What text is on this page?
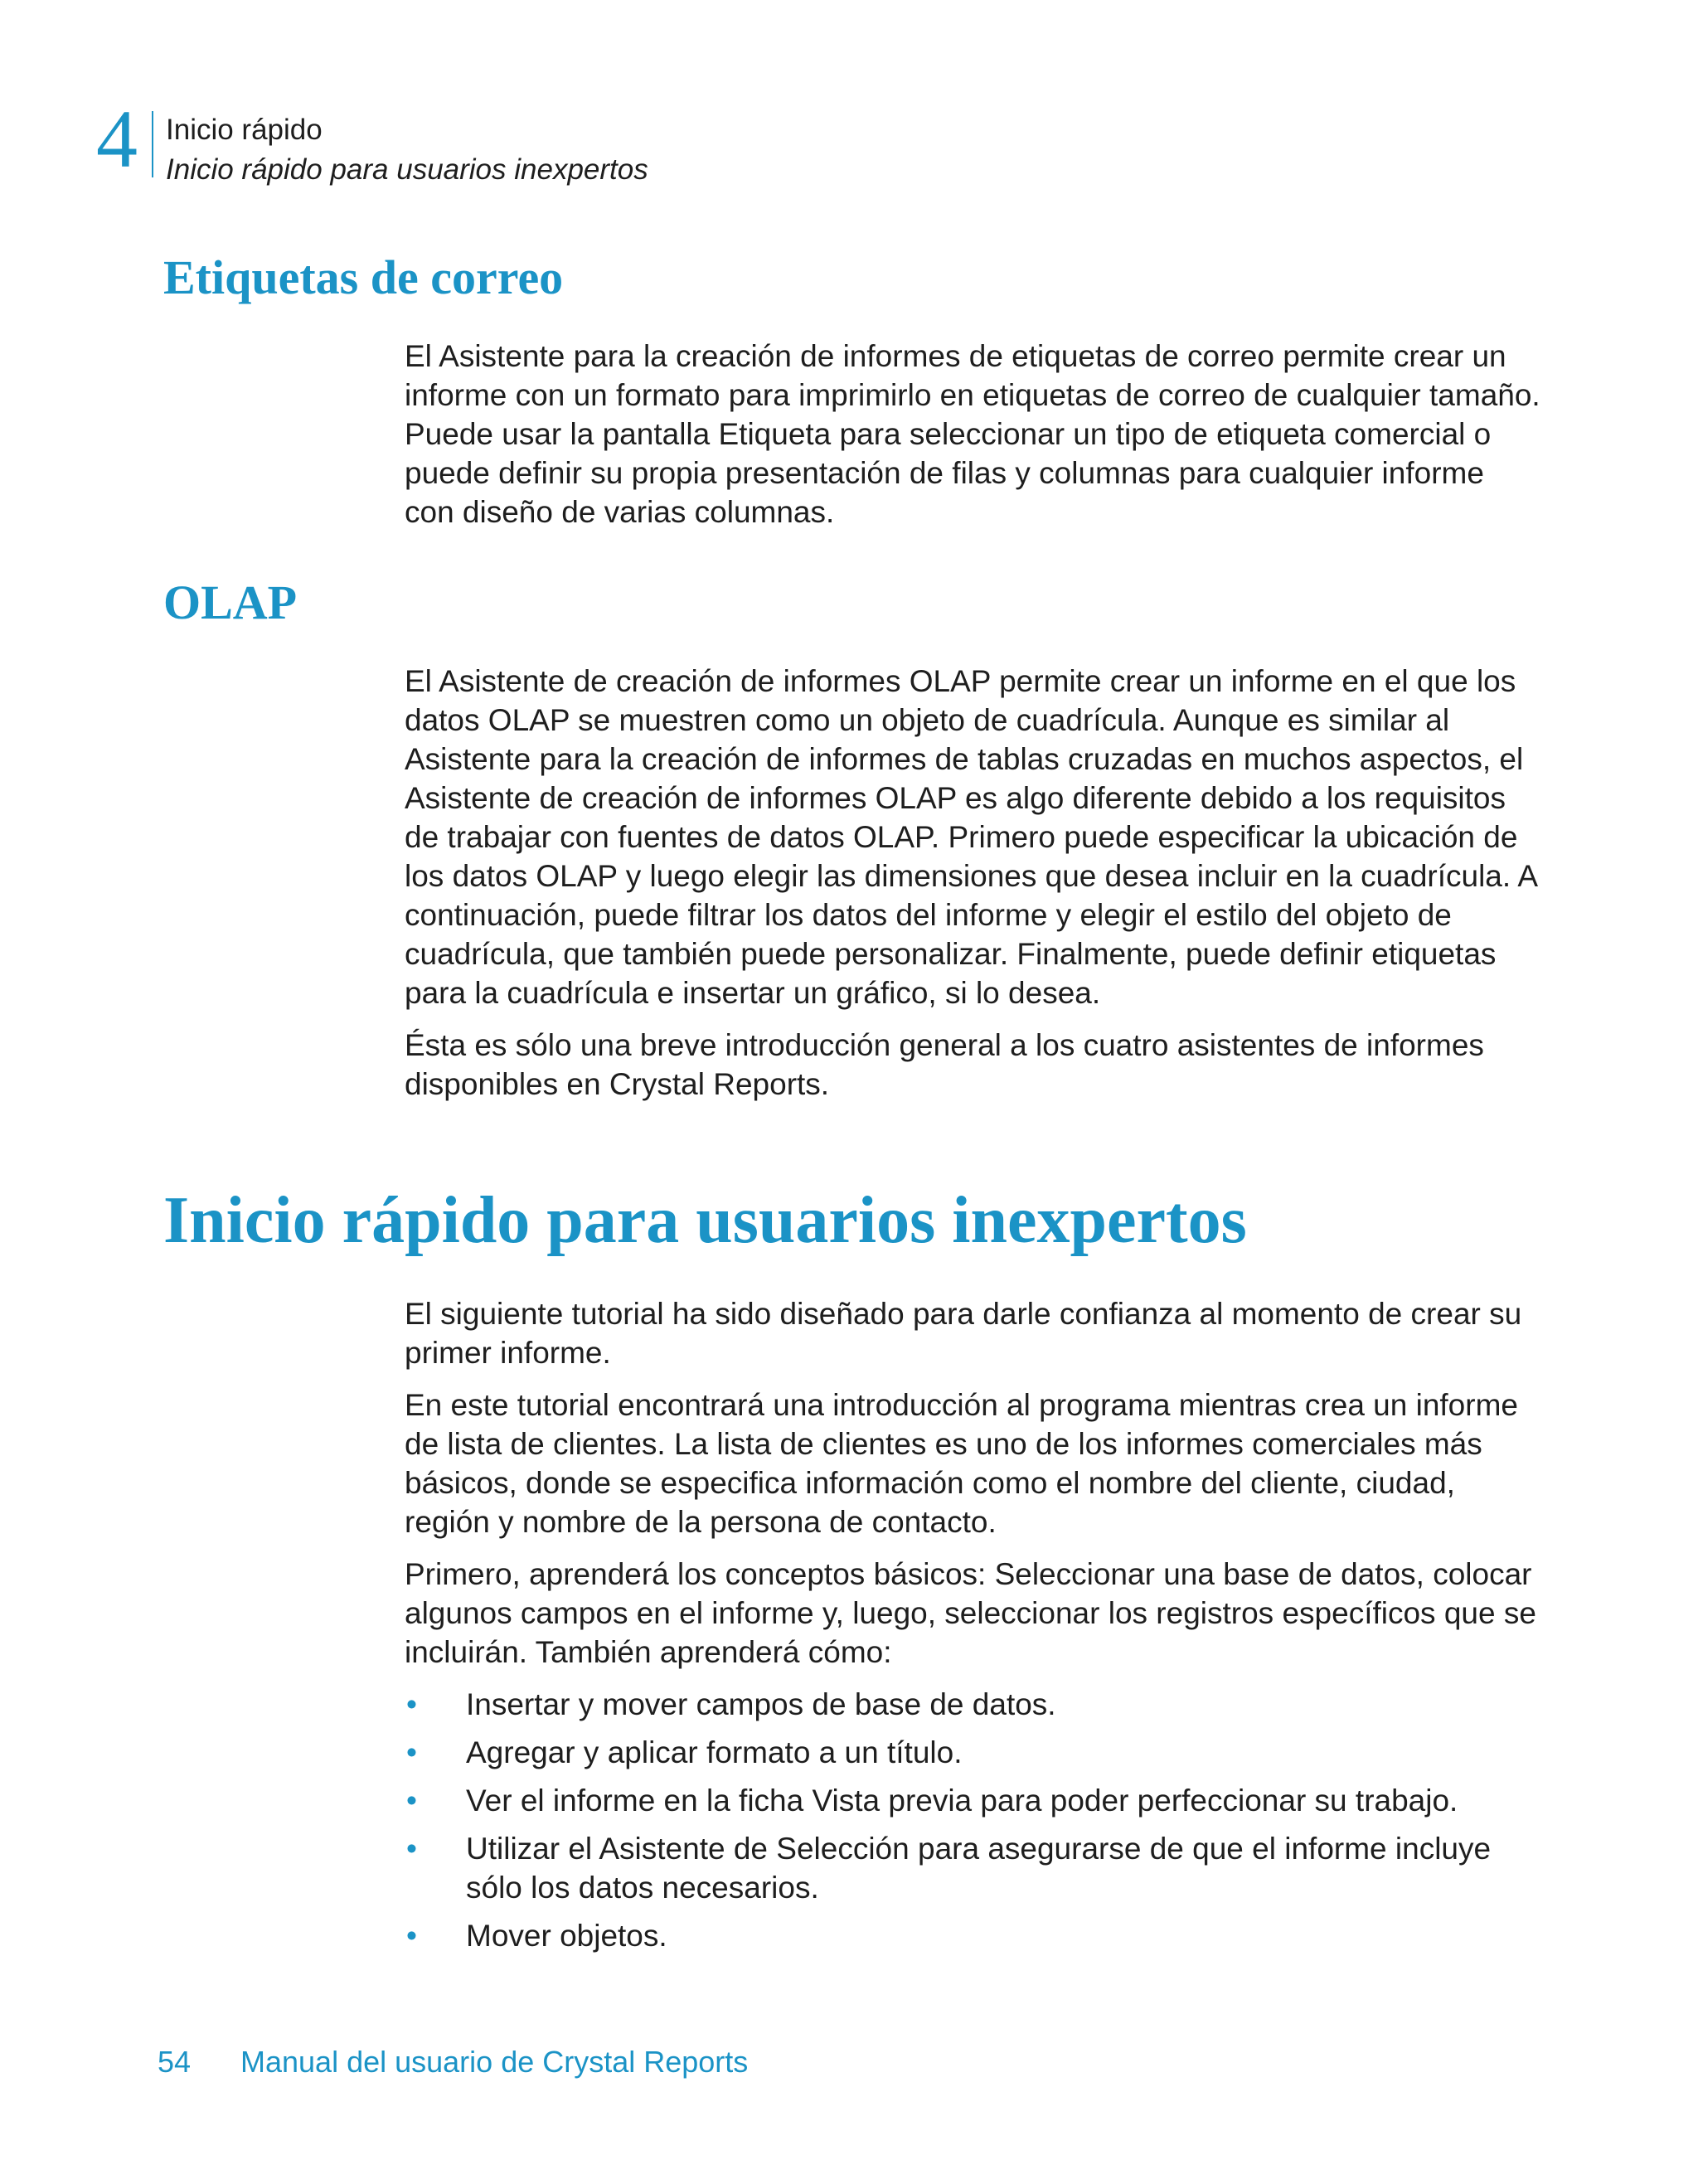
4 Inicio rápido
Inicio rápido para usuarios inexpertos
Etiquetas de correo

El Asistente para la creación de informes de etiquetas de correo permite crear un informe con un formato para imprimirlo en etiquetas de correo de cualquier tamaño. Puede usar la pantalla Etiqueta para seleccionar un tipo de etiqueta comercial o puede definir su propia presentación de filas y columnas para cualquier informe con diseño de varias columnas.

OLAP

El Asistente de creación de informes OLAP permite crear un informe en el que los datos OLAP se muestren como un objeto de cuadrícula. Aunque es similar al Asistente para la creación de informes de tablas cruzadas en muchos aspectos, el Asistente de creación de informes OLAP es algo diferente debido a los requisitos de trabajar con fuentes de datos OLAP. Primero puede especificar la ubicación de los datos OLAP y luego elegir las dimensiones que desea incluir en la cuadrícula. A continuación, puede filtrar los datos del informe y elegir el estilo del objeto de cuadrícula, que también puede personalizar. Finalmente, puede definir etiquetas para la cuadrícula e insertar un gráfico, si lo desea.

Ésta es sólo una breve introducción general a los cuatro asistentes de informes disponibles en Crystal Reports.

Inicio rápido para usuarios inexpertos

El siguiente tutorial ha sido diseñado para darle confianza al momento de crear su primer informe.

En este tutorial encontrará una introducción al programa mientras crea un informe de lista de clientes. La lista de clientes es uno de los informes comerciales más básicos, donde se especifica información como el nombre del cliente, ciudad, región y nombre de la persona de contacto.

Primero, aprenderá los conceptos básicos: Seleccionar una base de datos, colocar algunos campos en el informe y, luego, seleccionar los registros específicos que se incluirán. También aprenderá cómo:

• Insertar y mover campos de base de datos.
• Agregar y aplicar formato a un título.
• Ver el informe en la ficha Vista previa para poder perfeccionar su trabajo.
• Utilizar el Asistente de Selección para asegurarse de que el informe incluye sólo los datos necesarios.
• Mover objetos.
54 Manual del usuario de Crystal Reports
